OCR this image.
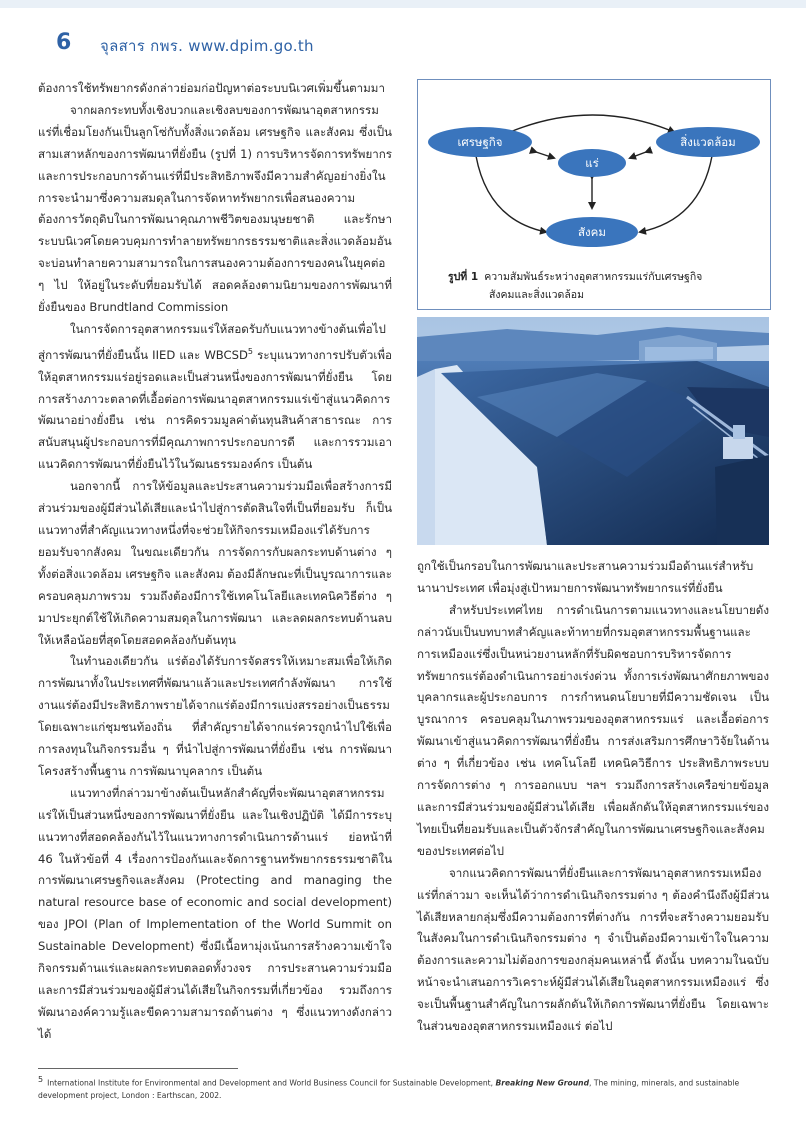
6 จุลสาร กพร. www.dpim.go.th

ต้องการใช้ทรัพยากรดังกล่าวย่อมก่อปัญหาต่อระบบนิเวศเพิ่มขึ้นตามมา

จากผลกระทบทั้งเชิงบวกและเชิงลบของการพัฒนาอุตสาหกรรมแร่ที่เชื่อมโยงกันเป็นลูกโซ่กับทั้งสิ่งแวดล้อม เศรษฐกิจ และสังคม ซึ่งเป็นสามเสาหลักของการพัฒนาที่ยั่งยืน (รูปที่ 1) การบริหารจัดการทรัพยากรและการประกอบการด้านแร่ที่มีประสิทธิภาพจึงมีความสำคัญอย่างยิ่งในการจะนำมาซึ่งความสมดุลในการจัดหาทรัพยากรเพื่อสนองความต้องการวัตถุดิบในการพัฒนาคุณภาพชีวิตของมนุษยชาติ และรักษาระบบนิเวศโดยควบคุมการทำลายทรัพยากรธรรมชาติและสิ่งแวดล้อมอันจะบ่อนทำลายความสามารถในการสนองความต้องการของคนในยุคต่อ ๆ ไป ให้อยู่ในระดับที่ยอมรับได้ สอดคล้องตามนิยามของการพัฒนาที่ยั่งยืนของ Brundtland Commission

ในการจัดการอุตสาหกรรมแร่ให้สอดรับกับแนวทางข้างต้นเพื่อไปสู่การพัฒนาที่ยั่งยืนนั้น IIED และ WBCSD$^5$ ระบุแนวทางการปรับตัวเพื่อให้อุตสาหกรรมแร่อยู่รอดและเป็นส่วนหนึ่งของการพัฒนาที่ยั่งยืน โดยการสร้างภาวะตลาดที่เอื้อต่อการพัฒนาอุตสาหกรรมแร่เข้าสู่แนวคิดการพัฒนาอย่างยั่งยืน เช่น การคิดรวมมูลค่าต้นทุนสินค้าสาธารณะ การสนับสนุนผู้ประกอบการที่มีคุณภาพการประกอบการดี และการรวมเอาแนวคิดการพัฒนาที่ยั่งยืนไว้ในวัฒนธรรมองค์กร เป็นต้น

นอกจากนี้ การให้ข้อมูลและประสานความร่วมมือเพื่อสร้างการมีส่วนร่วมของผู้มีส่วนได้เสียและนำไปสู่การตัดสินใจที่เป็นที่ยอมรับ ก็เป็นแนวทางที่สำคัญแนวทางหนึ่งที่จะช่วยให้กิจกรรมเหมืองแร่ได้รับการยอมรับจากสังคม ในขณะเดียวกัน การจัดการกับผลกระทบด้านต่าง ๆ ทั้งต่อสิ่งแวดล้อม เศรษฐกิจ และสังคม ต้องมีลักษณะที่เป็นบูรณาการและครอบคลุมภาพรวม รวมถึงต้องมีการใช้เทคโนโลยีและเทคนิควิธีต่าง ๆ มาประยุกต์ใช้ให้เกิดความสมดุลในการพัฒนา และลดผลกระทบด้านลบให้เหลือน้อยที่สุดโดยสอดคล้องกับต้นทุน

ในทำนองเดียวกัน แร่ต้องได้รับการจัดสรรให้เหมาะสมเพื่อให้เกิดการพัฒนาทั้งในประเทศที่พัฒนาแล้วและประเทศกำลังพัฒนา การใช้งานแร่ต้องมีประสิทธิภาพรายได้จากแร่ต้องมีการแบ่งสรรอย่างเป็นธรรม โดยเฉพาะแก่ชุมชนท้องถิ่น ที่สำคัญรายได้จากแร่ควรถูกนำไปใช้เพื่อการลงทุนในกิจกรรมอื่น ๆ ที่นำไปสู่การพัฒนาที่ยั่งยืน เช่น การพัฒนาโครงสร้างพื้นฐาน การพัฒนาบุคลากร เป็นต้น

แนวทางที่กล่าวมาข้างต้นเป็นหลักสำคัญที่จะพัฒนาอุตสาหกรรมแร่ให้เป็นส่วนหนึ่งของการพัฒนาที่ยั่งยืน และในเชิงปฏิบัติ ได้มีการระบุแนวทางที่สอดคล้องกันไว้ในแนวทางการดำเนินการด้านแร่ ย่อหน้าที่ 46 ในหัวข้อที่ 4 เรื่องการป้องกันและจัดการฐานทรัพยากรธรรมชาติในการพัฒนาเศรษฐกิจและสังคม (Protecting and managing the natural resource base of economic and social development) ของ JPOI (Plan of Implementation of the World Summit on Sustainable Development) ซึ่งมีเนื้อหามุ่งเน้นการสร้างความเข้าใจกิจกรรมด้านแร่และผลกระทบตลอดทั้งวงจร การประสานความร่วมมือและการมีส่วนร่วมของผู้มีส่วนได้เสียในกิจกรรมที่เกี่ยวข้อง รวมถึงการพัฒนาองค์ความรู้และขีดความสามารถด้านต่าง ๆ ซึ่งแนวทางดังกล่าวได้

เศรษฐกิจ	สิ่งแวดล้อม
แร่
สังคม
รูปที่ 1 ความสัมพันธ์ระหว่างอุตสาหกรรมแร่กับเศรษฐกิจ
สังคมและสิ่งแวดล้อม

ถูกใช้เป็นกรอบในการพัฒนาและประสานความร่วมมือด้านแร่สำหรับนานาประเทศ เพื่อมุ่งสู่เป้าหมายการพัฒนาทรัพยากรแร่ที่ยั่งยืน

สำหรับประเทศไทย การดำเนินการตามแนวทางและนโยบายดังกล่าวนับเป็นบทบาทสำคัญและท้าทายที่กรมอุตสาหกรรมพื้นฐานและการเหมืองแร่ซึ่งเป็นหน่วยงานหลักที่รับผิดชอบการบริหารจัดการทรัพยากรแร่ต้องดำเนินการอย่างเร่งด่วน ทั้งการเร่งพัฒนาศักยภาพของบุคลากรและผู้ประกอบการ การกำหนดนโยบายที่มีความชัดเจน เป็นบูรณาการ ครอบคลุมในภาพรวมของอุตสาหกรรมแร่ และเอื้อต่อการพัฒนาเข้าสู่แนวคิดการพัฒนาที่ยั่งยืน การส่งเสริมการศึกษาวิจัยในด้านต่าง ๆ ที่เกี่ยวข้อง เช่น เทคโนโลยี เทคนิควิธีการ ประสิทธิภาพระบบการจัดการต่าง ๆ การออกแบบ ฯลฯ รวมถึงการสร้างเครือข่ายข้อมูลและการมีส่วนร่วมของผู้มีส่วนได้เสีย เพื่อผลักดันให้อุตสาหกรรมแร่ของไทยเป็นที่ยอมรับและเป็นตัวจักรสำคัญในการพัฒนาเศรษฐกิจและสังคมของประเทศต่อไป

จากแนวคิดการพัฒนาที่ยั่งยืนและการพัฒนาอุตสาหกรรมเหมืองแร่ที่กล่าวมา จะเห็นได้ว่าการดำเนินกิจกรรมต่าง ๆ ต้องคำนึงถึงผู้มีส่วนได้เสียหลายกลุ่มซึ่งมีความต้องการที่ต่างกัน การที่จะสร้างความยอมรับในสังคมในการดำเนินกิจกรรมต่าง ๆ จำเป็นต้องมีความเข้าใจในความต้องการและความไม่ต้องการของกลุ่มคนเหล่านี้ ดังนั้น บทความในฉบับหน้าจะนำเสนอการวิเคราะห์ผู้มีส่วนได้เสียในอุตสาหกรรมเหมืองแร่ ซึ่งจะเป็นพื้นฐานสำคัญในการผลักดันให้เกิดการพัฒนาที่ยั่งยืน โดยเฉพาะในส่วนของอุตสาหกรรมเหมืองแร่ ต่อไป

$^5$ International Institute for Environmental and Development and World Business Council for Sustainable Development, Breaking New Ground, The mining, minerals, and sustainable development project, London : Earthscan, 2002.
